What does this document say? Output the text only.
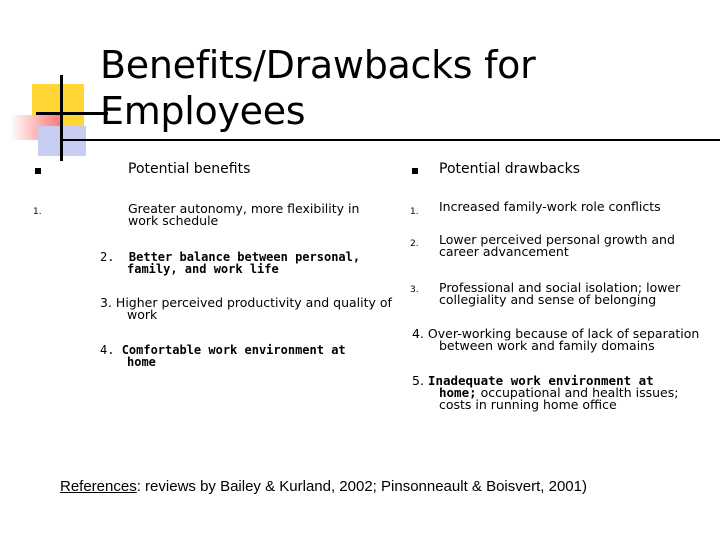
Benefits/Drawbacks for
Employees
Potential benefits
1.	Greater autonomy, more flexibility in
work schedule
2. Better balance between personal,
family, and work life
3. Higher perceived productivity and quality of
work
4. Comfortable work environment at
home
Potential drawbacks
1. Increased family-work role conflicts
2. Lower perceived personal growth and
career advancement
3. Professional and social isolation; lower
collegiality and sense of belonging
4. Over-working because of lack of separation
between work and family domains
5. Inadequate work environment at
home; occupational and health issues;
costs in running home office
References: reviews by Bailey & Kurland, 2002; Pinsonneault & Boisvert, 2001)
